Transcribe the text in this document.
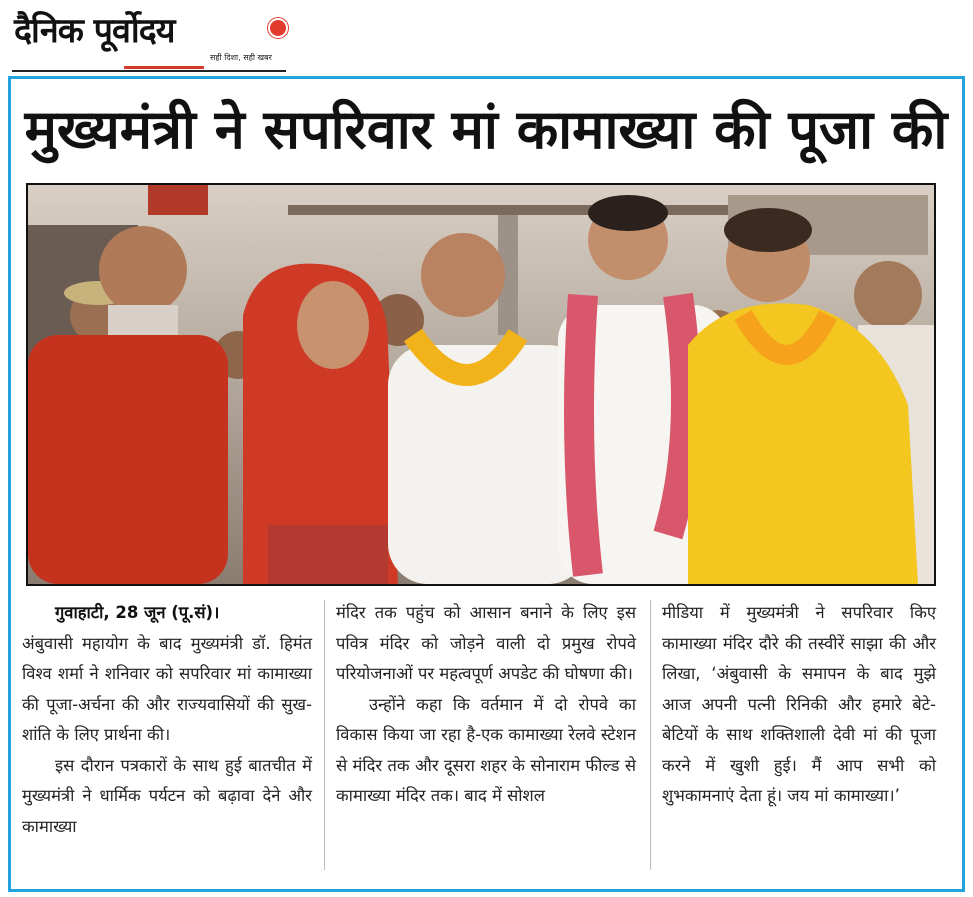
दैनिक पूर्वोदय
सही दिशा, सही खबर
मुख्यमंत्री ने सपरिवार मां कामाख्या की पूजा की

गुवाहाटी, 28 जून (पू.सं)।

अंबुवासी महायोग के बाद मुख्यमंत्री डॉ. हिमंत विश्व शर्मा ने शनिवार को सपरिवार मां कामाख्या की पूजा-अर्चना की और राज्यवासियों की सुख-शांति के लिए प्रार्थना की।

इस दौरान पत्रकारों के साथ हुई बातचीत में मुख्यमंत्री ने धार्मिक पर्यटन को बढ़ावा देने और कामाख्या

मंदिर तक पहुंच को आसान बनाने के लिए इस पवित्र मंदिर को जोड़ने वाली दो प्रमुख रोपवे परियोजनाओं पर महत्वपूर्ण अपडेट की घोषणा की।

उन्होंने कहा कि वर्तमान में दो रोपवे का विकास किया जा रहा है-एक कामाख्या रेलवे स्टेशन से मंदिर तक और दूसरा शहर के सोनाराम फील्ड से कामाख्या मंदिर तक। बाद में सोशल

मीडिया में मुख्यमंत्री ने सपरिवार किए कामाख्या मंदिर दौरे की तस्वीरें साझा की और लिखा, ‘अंबुवासी के समापन के बाद मुझे आज अपनी पत्नी रिनिकी और हमारे बेटे-बेटियों के साथ शक्तिशाली देवी मां की पूजा करने में खुशी हुई। मैं आप सभी को शुभकामनाएं देता हूं। जय मां कामाख्या।’
